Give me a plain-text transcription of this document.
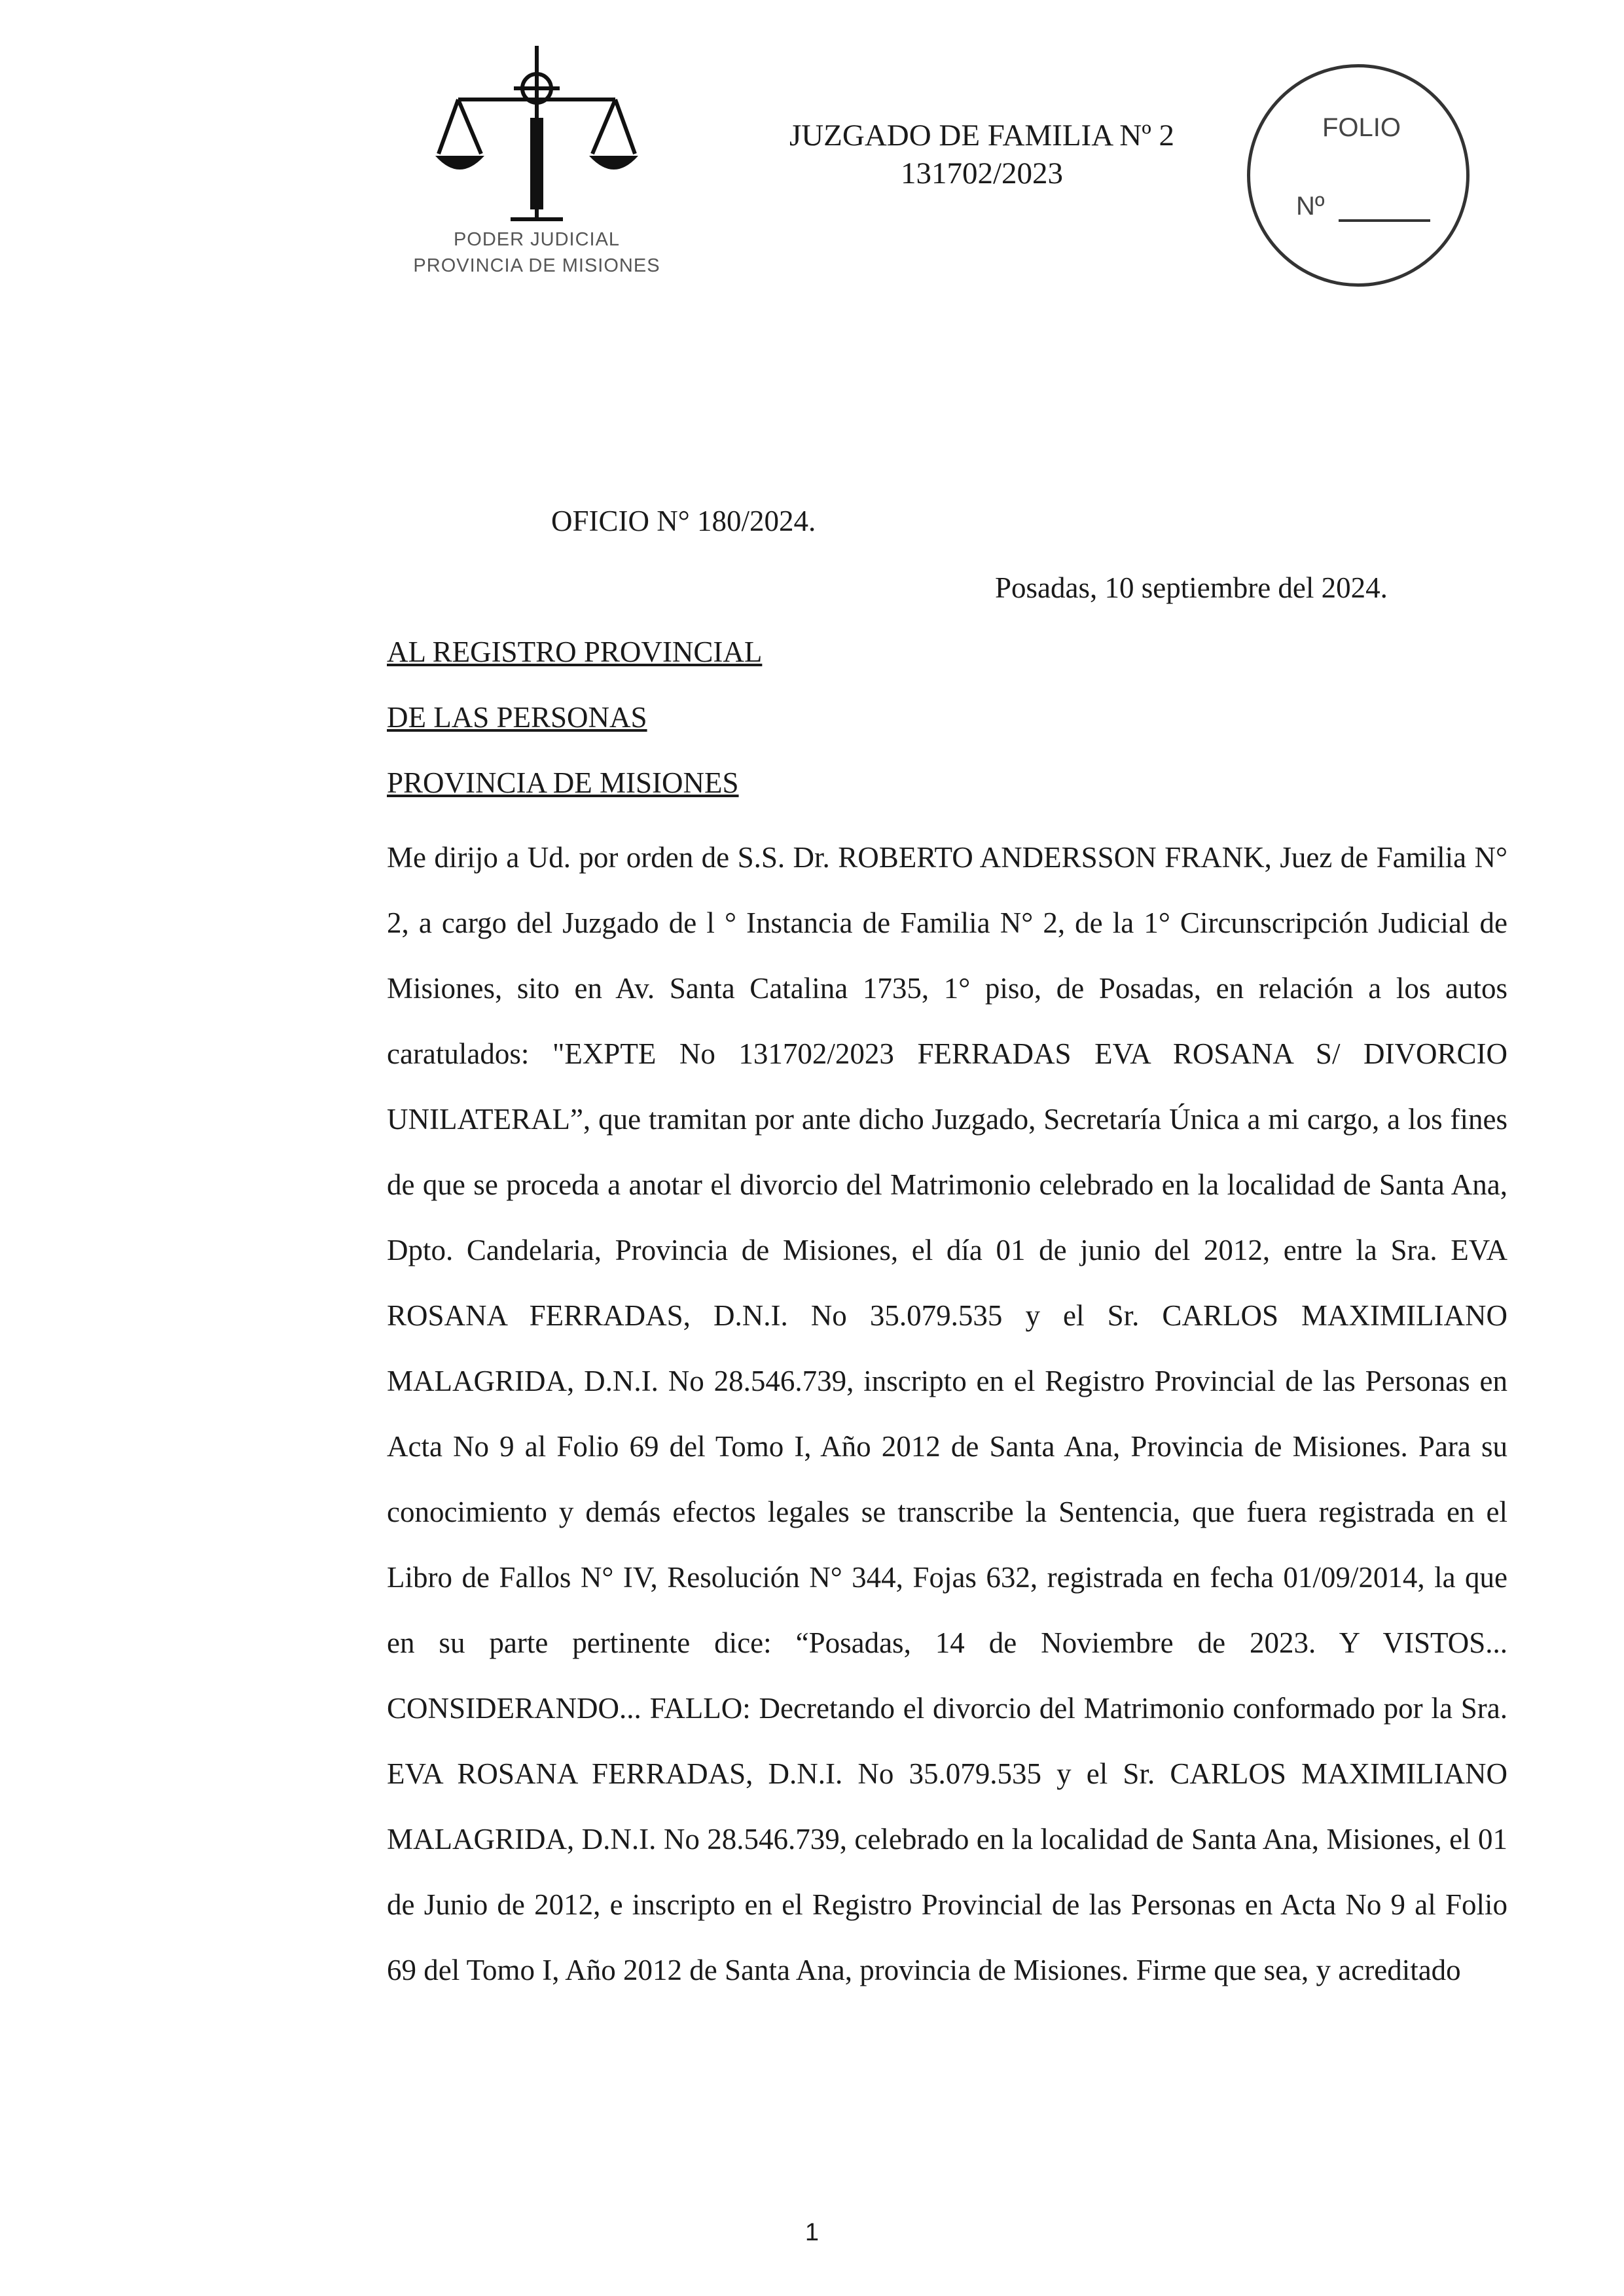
PODER JUDICIAL
PROVINCIA DE MISIONES
JUZGADO DE FAMILIA Nº 2
131702/2023
FOLIO
Nº
OFICIO N° 180/2024.
Posadas, 10 septiembre del 2024.
AL REGISTRO PROVINCIAL
DE LAS PERSONAS
PROVINCIA DE MISIONES

Me dirijo a Ud. por orden de S.S. Dr. ROBERTO ANDERSSON FRANK, Juez de Familia N° 2, a cargo del Juzgado de l ° Instancia de Familia N° 2, de la 1° Circunscripción Judicial de Misiones, sito en Av. Santa Catalina 1735, 1° piso, de Posadas, en relación a los autos caratulados: "EXPTE No 131702/2023 FERRADAS EVA ROSANA S/ DIVORCIO UNILATERAL”, que tramitan por ante dicho Juzgado, Secretaría Única a mi cargo, a los fines de que se proceda a anotar el divorcio del Matrimonio celebrado en la localidad de Santa Ana, Dpto. Candelaria, Provincia de Misiones, el día 01 de junio del 2012, entre la Sra. EVA ROSANA FERRADAS, D.N.I. No 35.079.535 y el Sr. CARLOS MAXIMILIANO MALAGRIDA, D.N.I. No 28.546.739, inscripto en el Registro Provincial de las Personas en Acta No 9 al Folio 69 del Tomo I, Año 2012 de Santa Ana, Provincia de Misiones. Para su conocimiento y demás efectos legales se transcribe la Sentencia, que fuera registrada en el Libro de Fallos N° IV, Resolución N° 344, Fojas 632, registrada en fecha 01/09/2014, la que en su parte pertinente dice: “Posadas, 14 de Noviembre de 2023. Y VISTOS... CONSIDERANDO... FALLO: Decretando el divorcio del Matrimonio conformado por la Sra. EVA ROSANA FERRADAS, D.N.I. No 35.079.535 y el Sr. CARLOS MAXIMILIANO MALAGRIDA, D.N.I. No 28.546.739, celebrado en la localidad de Santa Ana, Misiones, el 01 de Junio de 2012, e inscripto en el Registro Provincial de las Personas en Acta No 9 al Folio 69 del Tomo I, Año 2012 de Santa Ana, provincia de Misiones. Firme que sea, y acreditado

1
